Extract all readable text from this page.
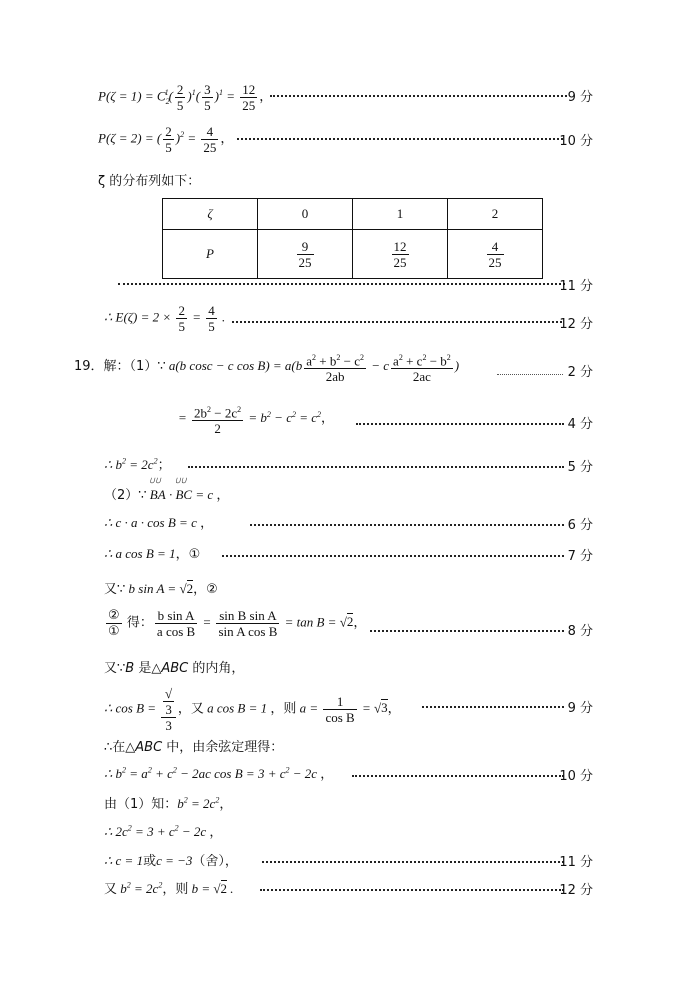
$P(\zeta = 1) = C_2^1( \frac{2}{5} )^1( \frac{3}{5} )^1 = \frac{12}{25}$ ，	9 分
P(ζ = 2) = ( $\frac{2}{5} )^2 = \frac{4}{25}$ ，	10 分
ζ 的分布列如下：
ζ	0	1	2
P	$\frac{9}{25}$	$\frac{12}{25}$	$\frac{4}{25}$
11 分
∴ $E(\zeta) = 2 \times \frac{2}{5} = \frac{4}{5}$ .
12 分
19．解：（1）∵ a(b cosc − c $\cos B) = a(b \frac{a^2 + b^2 - c^2}{2ab} - c \frac{a^2 + c^2 - b^2}{2ac}$ )	2 分
= $\frac{2b^2 - 2c^2}{2} = b^2 - c^2 = c^2$，	4 分
∴ $b^2 = 2c^2$；	5 分
（2）∵ ⋃⋃ BA · ⋃⋃ BC = c ，
∴ c · a · cos B = c ，	6 分
∴ a cos B = 1，①	7 分
又∵ b sin A = √2，②
$\frac{\text{②}}{\text{①}}$ 得： $\frac{\text{b sin A}}{\text{a cos B}} = \frac{\text{sin B sin A}}{\text{sin A cos B}} = \tan B = √2$，
8 分
又∵B 是△ABC 的内角，
∴ cos B = √
3
3 ，又 a cos B = 1 ，则 $a = \frac{1}{\text{cos B}} = √3$，	9 分
∴在△ABC 中，由余弦定理得：
∴ $b^2 = a^2 + c^2 - 2ac$ $\cos B = 3 + c^2 - 2c$ ，	10 分
由（1）知：$b^2 = 2c^2$，
∴ $2c^2 = 3 + c^2 - 2c$ ，
∴ c = 1或c = −3（舍），	11 分
又 $b^2 = 2c^2$，则 b = √2 .	12 分
